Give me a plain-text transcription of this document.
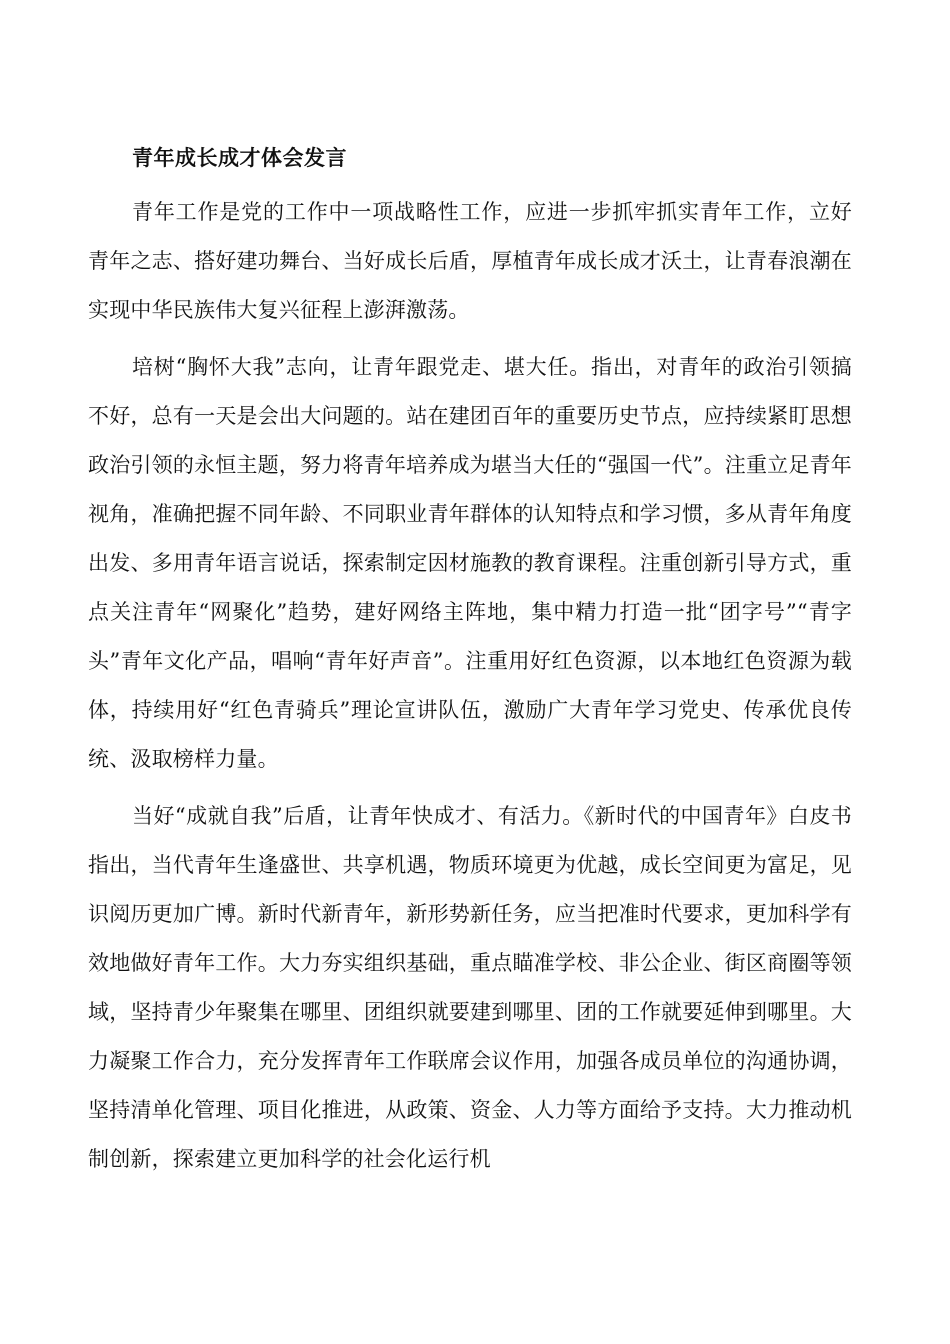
青年成长成才体会发言

青年工作是党的工作中一项战略性工作，应进一步抓牢抓实青年工作，立好青年之志、搭好建功舞台、当好成长后盾，厚植青年成长成才沃土，让青春浪潮在实现中华民族伟大复兴征程上澎湃激荡。

培树“胸怀大我”志向，让青年跟党走、堪大任。指出，对青年的政治引领搞不好，总有一天是会出大问题的。站在建团百年的重要历史节点，应持续紧盯思想政治引领的永恒主题，努力将青年培养成为堪当大任的“强国一代”。注重立足青年视角，准确把握不同年龄、不同职业青年群体的认知特点和学习惯，多从青年角度出发、多用青年语言说话，探索制定因材施教的教育课程。注重创新引导方式，重点关注青年“网聚化”趋势，建好网络主阵地，集中精力打造一批“团字号”“青字头”青年文化产品，唱响“青年好声音”。注重用好红色资源，以本地红色资源为载体，持续用好“红色青骑兵”理论宣讲队伍，激励广大青年学习党史、传承优良传统、汲取榜样力量。

当好“成就自我”后盾，让青年快成才、有活力。《新时代的中国青年》白皮书指出，当代青年生逢盛世、共享机遇，物质环境更为优越，成长空间更为富足，见识阅历更加广博。新时代新青年，新形势新任务，应当把准时代要求，更加科学有效地做好青年工作。大力夯实组织基础，重点瞄准学校、非公企业、街区商圈等领域，坚持青少年聚集在哪里、团组织就要建到哪里、团的工作就要延伸到哪里。大力凝聚工作合力，充分发挥青年工作联席会议作用，加强各成员单位的沟通协调，坚持清单化管理、项目化推进，从政策、资金、人力等方面给予支持。大力推动机制创新，探索建立更加科学的社会化运行机
